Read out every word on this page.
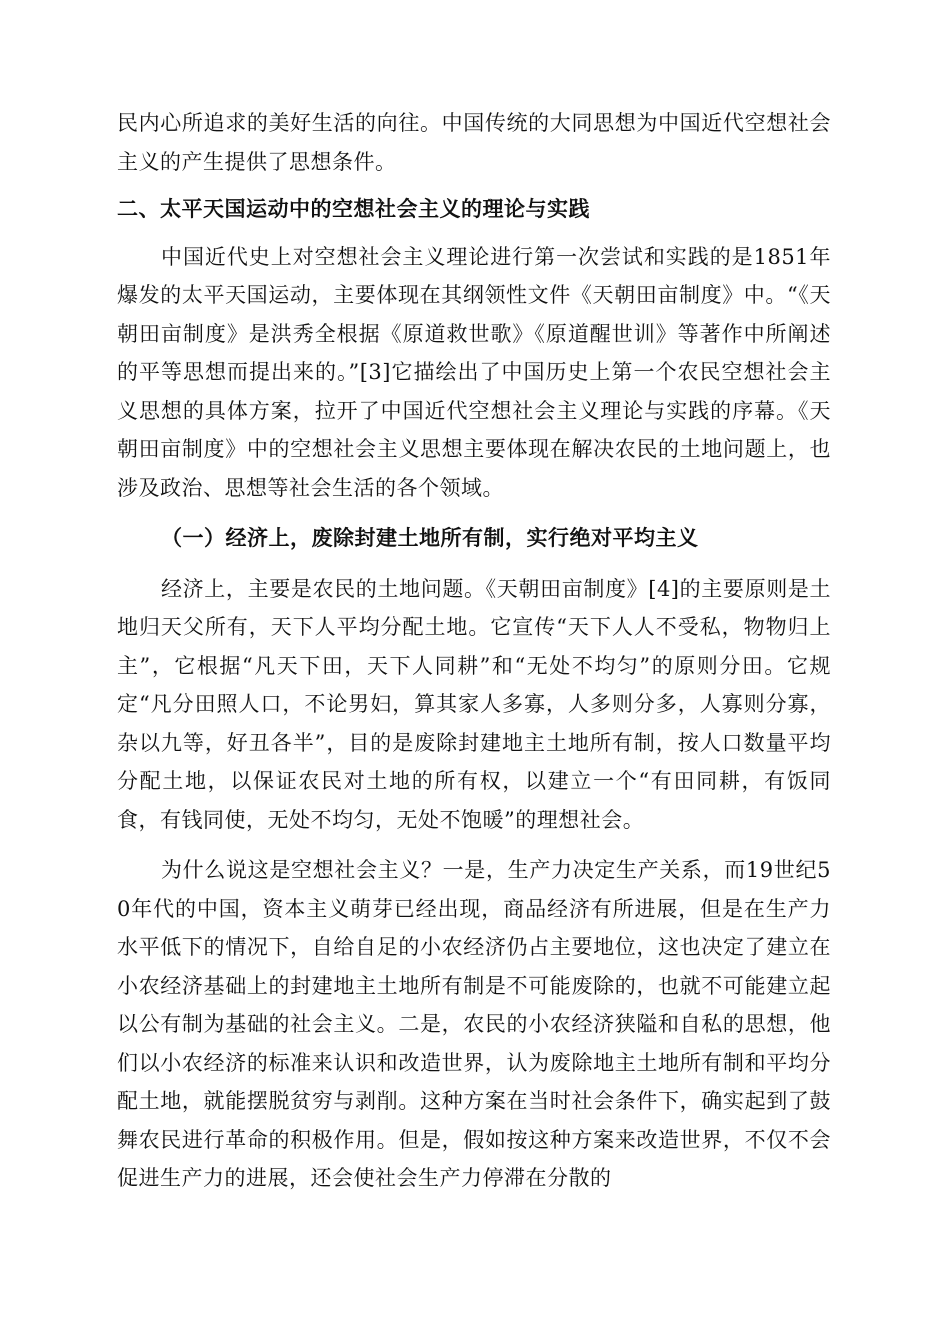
民内心所追求的美好生活的向往。中国传统的大同思想为中国近代空想社会主义的产生提供了思想条件。

二、太平天国运动中的空想社会主义的理论与实践

中国近代史上对空想社会主义理论进行第一次尝试和实践的是1851年爆发的太平天国运动，主要体现在其纲领性文件《天朝田亩制度》中。“《天朝田亩制度》是洪秀全根据《原道救世歌》《原道醒世训》等著作中所阐述的平等思想而提出来的。”[3]它描绘出了中国历史上第一个农民空想社会主义思想的具体方案，拉开了中国近代空想社会主义理论与实践的序幕。《天朝田亩制度》中的空想社会主义思想主要体现在解决农民的土地问题上，也涉及政治、思想等社会生活的各个领域。

（一）经济上，废除封建土地所有制，实行绝对平均主义

经济上，主要是农民的土地问题。《天朝田亩制度》[4]的主要原则是土地归天父所有，天下人平均分配土地。它宣传“天下人人不受私，物物归上主”，它根据“凡天下田，天下人同耕”和“无处不均匀”的原则分田。它规定“凡分田照人口，不论男妇，算其家人多寡，人多则分多，人寡则分寡，杂以九等，好丑各半”，目的是废除封建地主土地所有制，按人口数量平均分配土地，以保证农民对土地的所有权，以建立一个“有田同耕，有饭同食，有钱同使，无处不均匀，无处不饱暖”的理想社会。

为什么说这是空想社会主义？一是，生产力决定生产关系，而19世纪50年代的中国，资本主义萌芽已经出现，商品经济有所进展，但是在生产力水平低下的情况下，自给自足的小农经济仍占主要地位，这也决定了建立在小农经济基础上的封建地主土地所有制是不可能废除的，也就不可能建立起以公有制为基础的社会主义。二是，农民的小农经济狭隘和自私的思想，他们以小农经济的标准来认识和改造世界，认为废除地主土地所有制和平均分配土地，就能摆脱贫穷与剥削。这种方案在当时社会条件下，确实起到了鼓舞农民进行革命的积极作用。但是，假如按这种方案来改造世界，不仅不会促进生产力的进展，还会使社会生产力停滞在分散的
